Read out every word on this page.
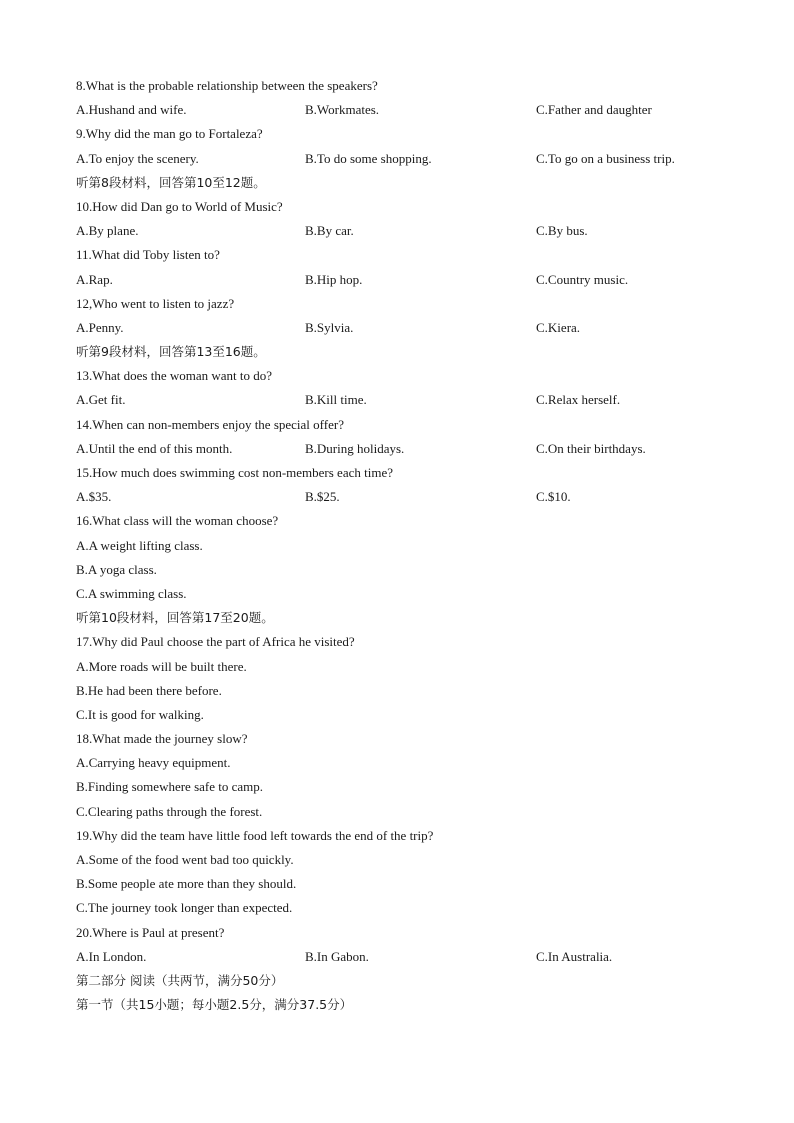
8.What is the probable relationship between the speakers?
A.Hushand and wife.	B.Workmates.	C.Father and daughter
9.Why did the man go to Fortaleza?
A.To enjoy the scenery.	B.To do some shopping.	C.To go on a business trip.
听第8段材料，回答第10至12题。
10.How did Dan go to World of Music?
A.By plane.	B.By car.	C.By bus.
11.What did Toby listen to?
A.Rap.	B.Hip hop.	C.Country music.
12,Who went to listen to jazz?
A.Penny.	B.Sylvia.	C.Kiera.
听第9段材料，回答第13至16题。
13.What does the woman want to do?
A.Get fit.	B.Kill time.	C.Relax herself.
14.When can non-members enjoy the special offer?
A.Until the end of this month.	B.During holidays.	C.On their birthdays.
15.How much does swimming cost non-members each time?
A.$35.	B.$25.	C.$10.
16.What class will the woman choose?
A.A weight lifting class.
B.A yoga class.
C.A swimming class.
听第10段材料，回答第17至20题。
17.Why did Paul choose the part of Africa he visited?
A.More roads will be built there.
B.He had been there before.
C.It is good for walking.
18.What made the journey slow?
A.Carrying heavy equipment.
B.Finding somewhere safe to camp.
C.Clearing paths through the forest.
19.Why did the team have little food left towards the end of the trip?
A.Some of the food went bad too quickly.
B.Some people ate more than they should.
C.The journey took longer than expected.
20.Where is Paul at present?
A.In London.	B.In Gabon.	C.In Australia.
第二部分 阅读（共两节，满分50分）
第一节（共15小题；每小题2.5分，满分37.5分）
